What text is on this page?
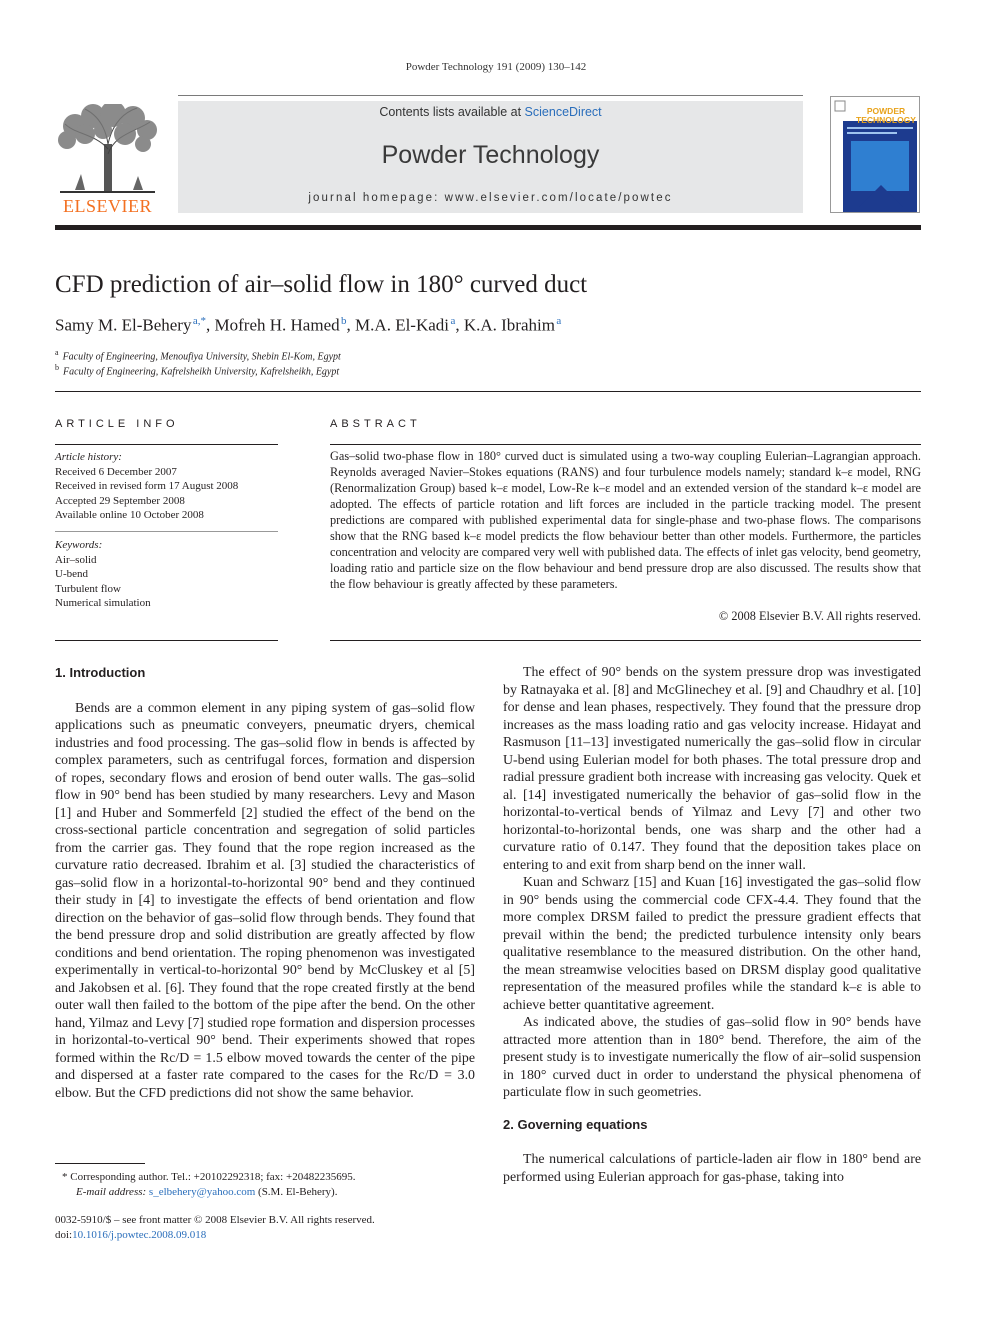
Powder Technology 191 (2009) 130–142
ELSEVIER
Contents lists available at ScienceDirect
Powder Technology
journal homepage: www.elsevier.com/locate/powtec
POWDER TECHNOLOGY
CFD prediction of air–solid flow in 180° curved duct
Samy M. El-Behery $^{a,*}$, Mofreh H. Hamed $^b$, M.A. El-Kadi $^a$, K.A. Ibrahim $^a$
$^a$ Faculty of Engineering, Menoufiya University, Shebin El-Kom, Egypt
$^b$ Faculty of Engineering, Kafrelsheikh University, Kafrelsheikh, Egypt
ARTICLE INFO
Article history:
Received 6 December 2007
Received in revised form 17 August 2008
Accepted 29 September 2008
Available online 10 October 2008
Keywords:
Air–solid
U-bend
Turbulent flow
Numerical simulation
ABSTRACT
Gas–solid two-phase flow in 180° curved duct is simulated using a two-way coupling Eulerian–Lagrangian approach. Reynolds averaged Navier–Stokes equations (RANS) and four turbulence models namely; standard k–ε model, RNG (Renormalization Group) based k–ε model, Low-Re k–ε model and an extended version of the standard k–ε model are adopted. The effects of particle rotation and lift forces are included in the particle tracking model. The present predictions are compared with published experimental data for single-phase and two-phase flows. The comparisons show that the RNG based k–ε model predicts the flow behaviour better than other models. Furthermore, the particles concentration and velocity are compared very well with published data. The effects of inlet gas velocity, bend geometry, loading ratio and particle size on the flow behaviour and bend pressure drop are also discussed. The results show that the flow behaviour is greatly affected by these parameters.
© 2008 Elsevier B.V. All rights reserved.
1. Introduction

Bends are a common element in any piping system of gas–solid flow applications such as pneumatic conveyers, pneumatic dryers, chemical industries and food processing. The gas–solid flow in bends is affected by complex parameters, such as centrifugal forces, formation and dispersion of ropes, secondary flows and erosion of bend outer walls. The gas–solid flow in 90° bend has been studied by many researchers. Levy and Mason [1] and Huber and Sommerfeld [2] studied the effect of the bend on the cross-sectional particle concentration and segregation of solid particles from the carrier gas. They found that the rope region increased as the curvature ratio decreased. Ibrahim et al. [3] studied the characteristics of gas–solid flow in a horizontal-to-horizontal 90° bend and they continued their study in [4] to investigate the effects of bend orientation and flow direction on the behavior of gas–solid flow through bends. They found that the bend pressure drop and solid distribution are greatly affected by flow conditions and bend orientation. The roping phenomenon was investigated experimentally in vertical-to-horizontal 90° bend by McCluskey et al [5] and Jakobsen et al. [6]. They found that the rope created firstly at the bend outer wall then failed to the bottom of the pipe after the bend. On the other hand, Yilmaz and Levy [7] studied rope formation and dispersion processes in horizontal-to-vertical 90° bend. Their experiments showed that ropes formed within the Rc/D = 1.5 elbow moved towards the center of the pipe and dispersed at a faster rate compared to the cases for the Rc/D = 3.0 elbow. But the CFD predictions did not show the same behavior.

The effect of 90° bends on the system pressure drop was investigated by Ratnayaka et al. [8] and McGlinechey et al. [9] and Chaudhry et al. [10] for dense and lean phases, respectively. They found that the pressure drop increases as the mass loading ratio and gas velocity increase. Hidayat and Rasmuson [11–13] investigated numerically the gas–solid flow in circular U-bend using Eulerian model for both phases. The total pressure drop and radial pressure gradient both increase with increasing gas velocity. Quek et al. [14] investigated numerically the behavior of gas–solid flow in the horizontal-to-vertical bends of Yilmaz and Levy [7] and other two horizontal-to-horizontal bends, one was sharp and the other had a curvature ratio of 0.147. They found that the deposition takes place on entering to and exit from sharp bend on the inner wall.

Kuan and Schwarz [15] and Kuan [16] investigated the gas–solid flow in 90° bends using the commercial code CFX-4.4. They found that the more complex DRSM failed to predict the pressure gradient effects that prevail within the bend; the predicted turbulence intensity only bears qualitative resemblance to the measured distribution. On the other hand, the mean streamwise velocities based on DRSM display good qualitative representation of the measured profiles while the standard k–ε is able to achieve better quantitative agreement.

As indicated above, the studies of gas–solid flow in 90° bends have attracted more attention than in 180° bend. Therefore, the aim of the present study is to investigate numerically the flow of air–solid suspension in 180° curved duct in order to understand the physical phenomena of particulate flow in such geometries.

2. Governing equations

The numerical calculations of particle-laden air flow in 180° bend are performed using Eulerian approach for gas-phase, taking into

* Corresponding author. Tel.: +20102292318; fax: +20482235695.
E-mail address: s_elbehery@yahoo.com (S.M. El-Behery).
0032-5910/$ – see front matter © 2008 Elsevier B.V. All rights reserved.
doi:10.1016/j.powtec.2008.09.018
